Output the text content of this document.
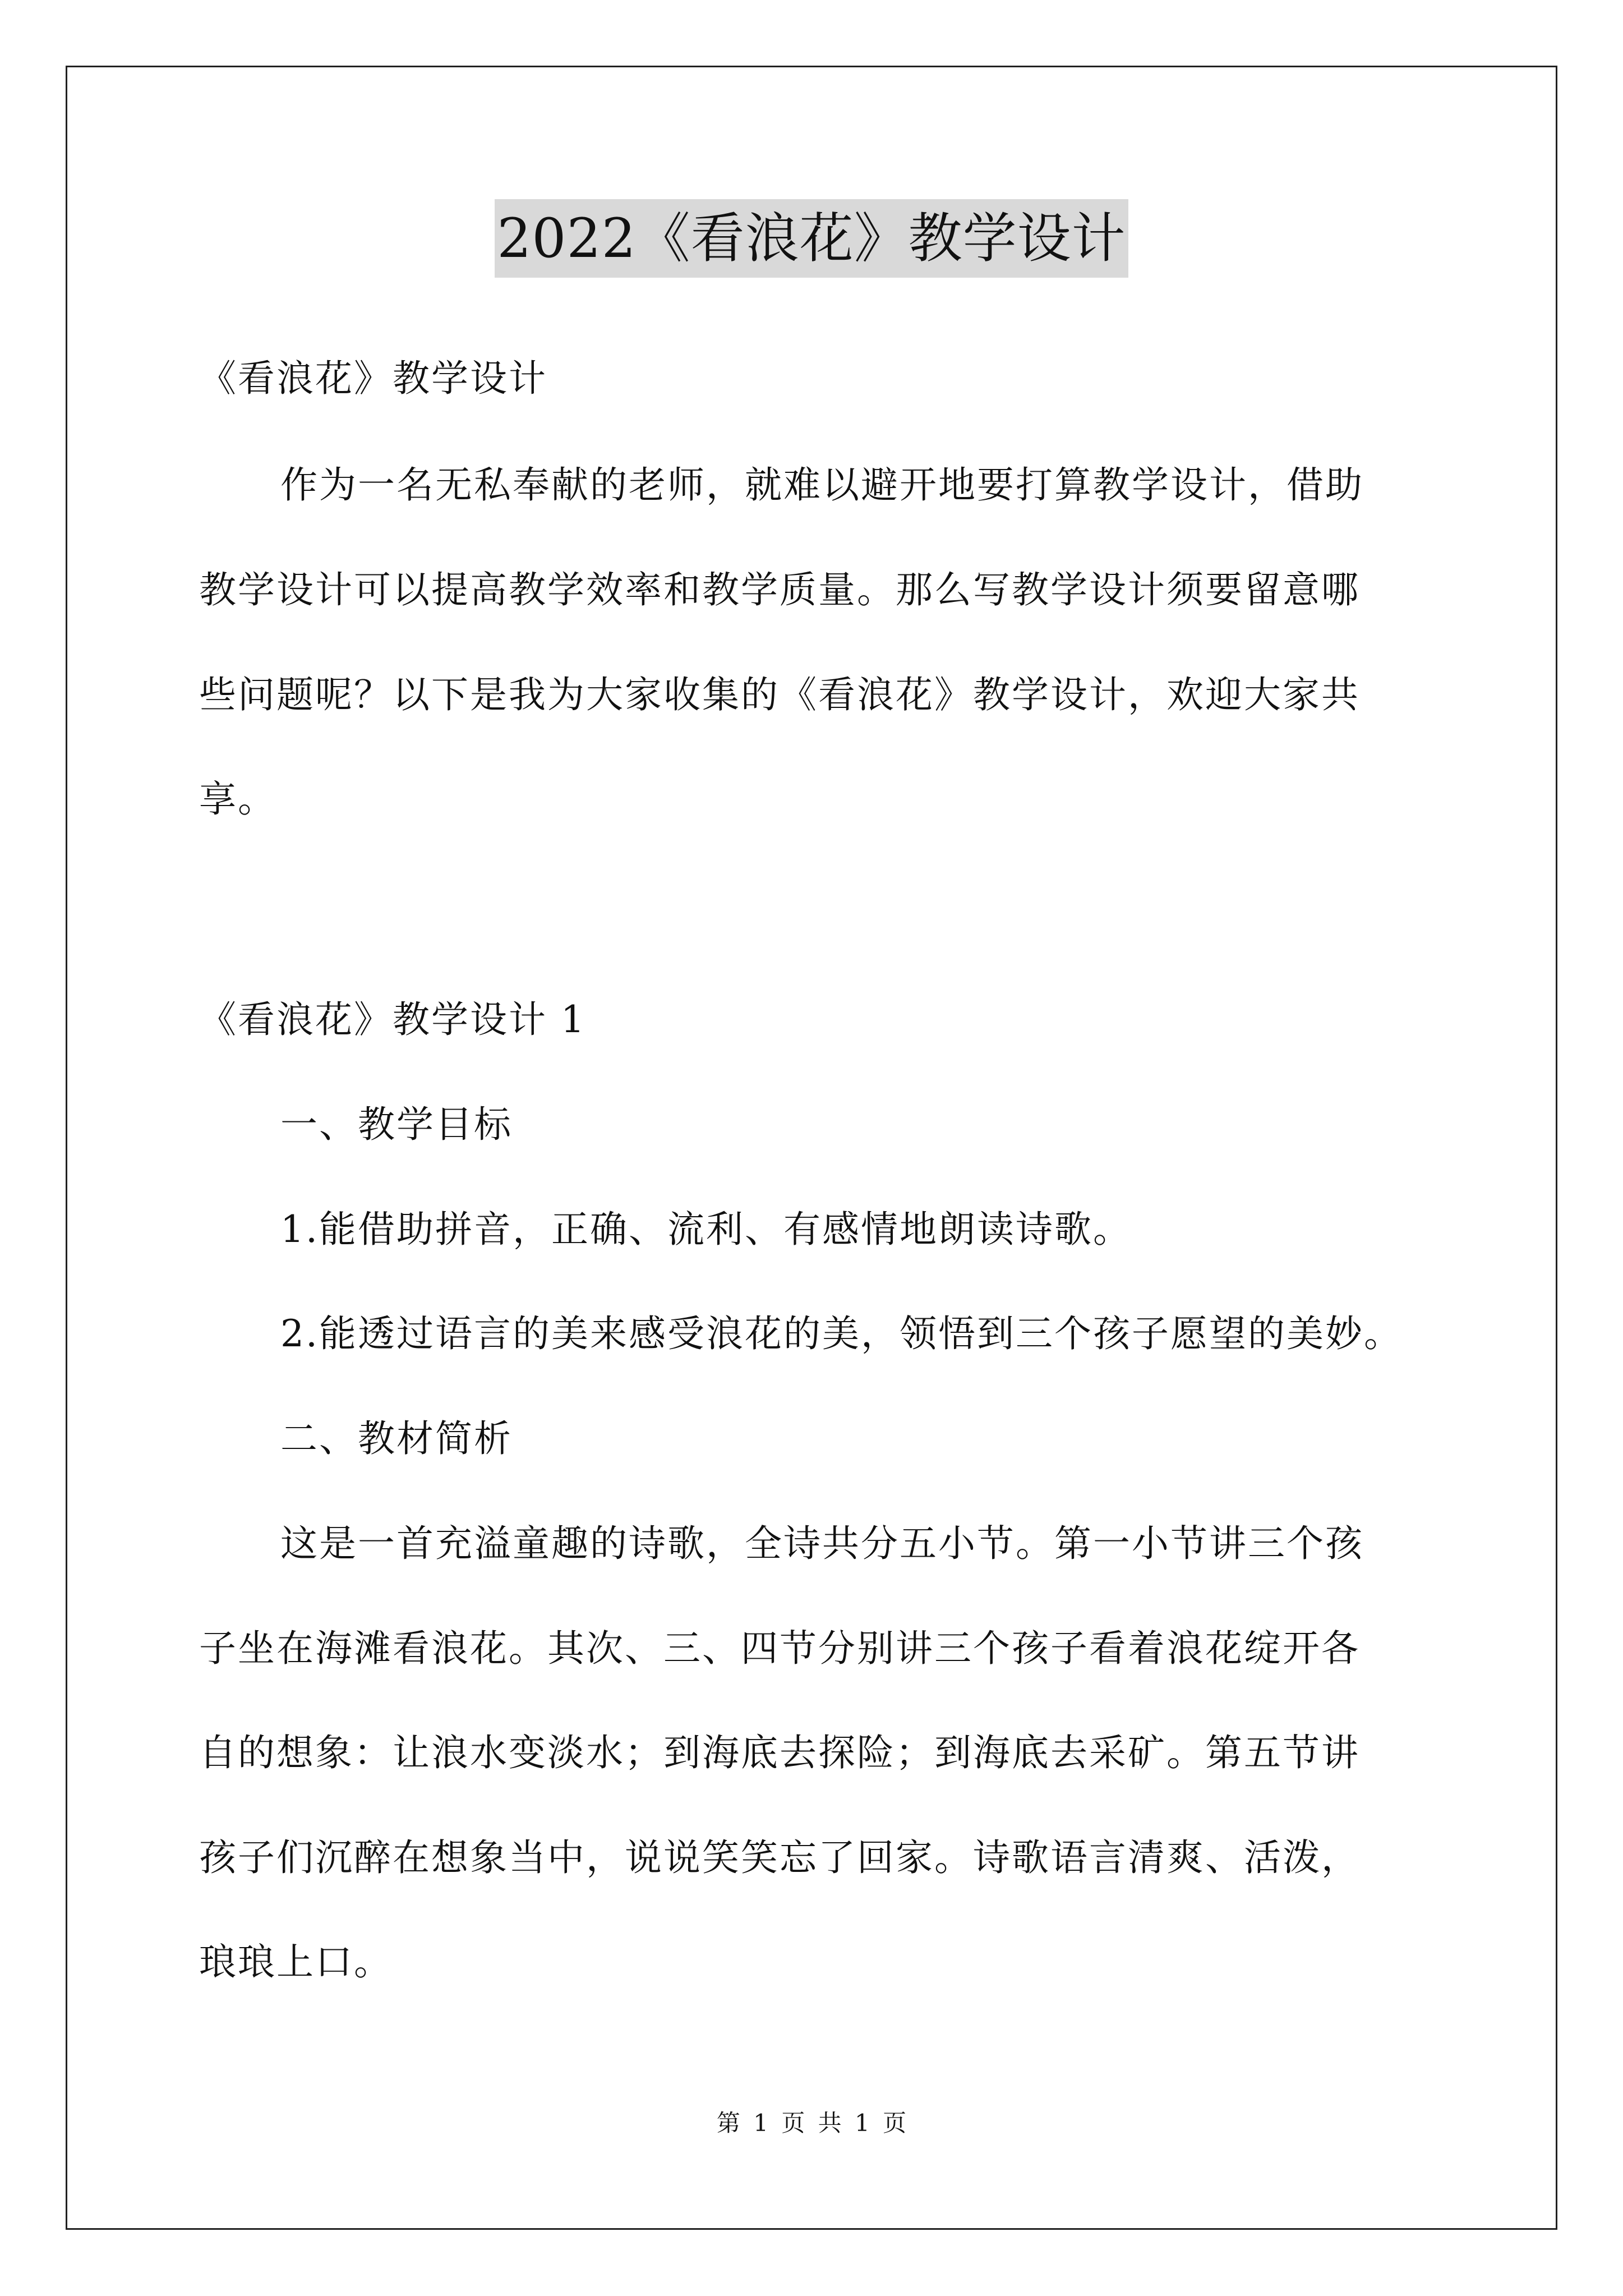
2022《看浪花》教学设计
《看浪花》教学设计
作为一名无私奉献的老师，就难以避开地要打算教学设计，借助
教学设计可以提高教学效率和教学质量。那么写教学设计须要留意哪
些问题呢？以下是我为大家收集的《看浪花》教学设计，欢迎大家共
享。
《看浪花》教学设计 1
一、教学目标
1.能借助拼音，正确、流利、有感情地朗读诗歌。
2.能透过语言的美来感受浪花的美，领悟到三个孩子愿望的美妙。
二、教材简析
这是一首充溢童趣的诗歌，全诗共分五小节。第一小节讲三个孩
子坐在海滩看浪花。其次、三、四节分别讲三个孩子看着浪花绽开各
自的想象：让浪水变淡水；到海底去探险；到海底去采矿。第五节讲
孩子们沉醉在想象当中，说说笑笑忘了回家。诗歌语言清爽、活泼，
琅琅上口。
第 1 页 共 1 页
